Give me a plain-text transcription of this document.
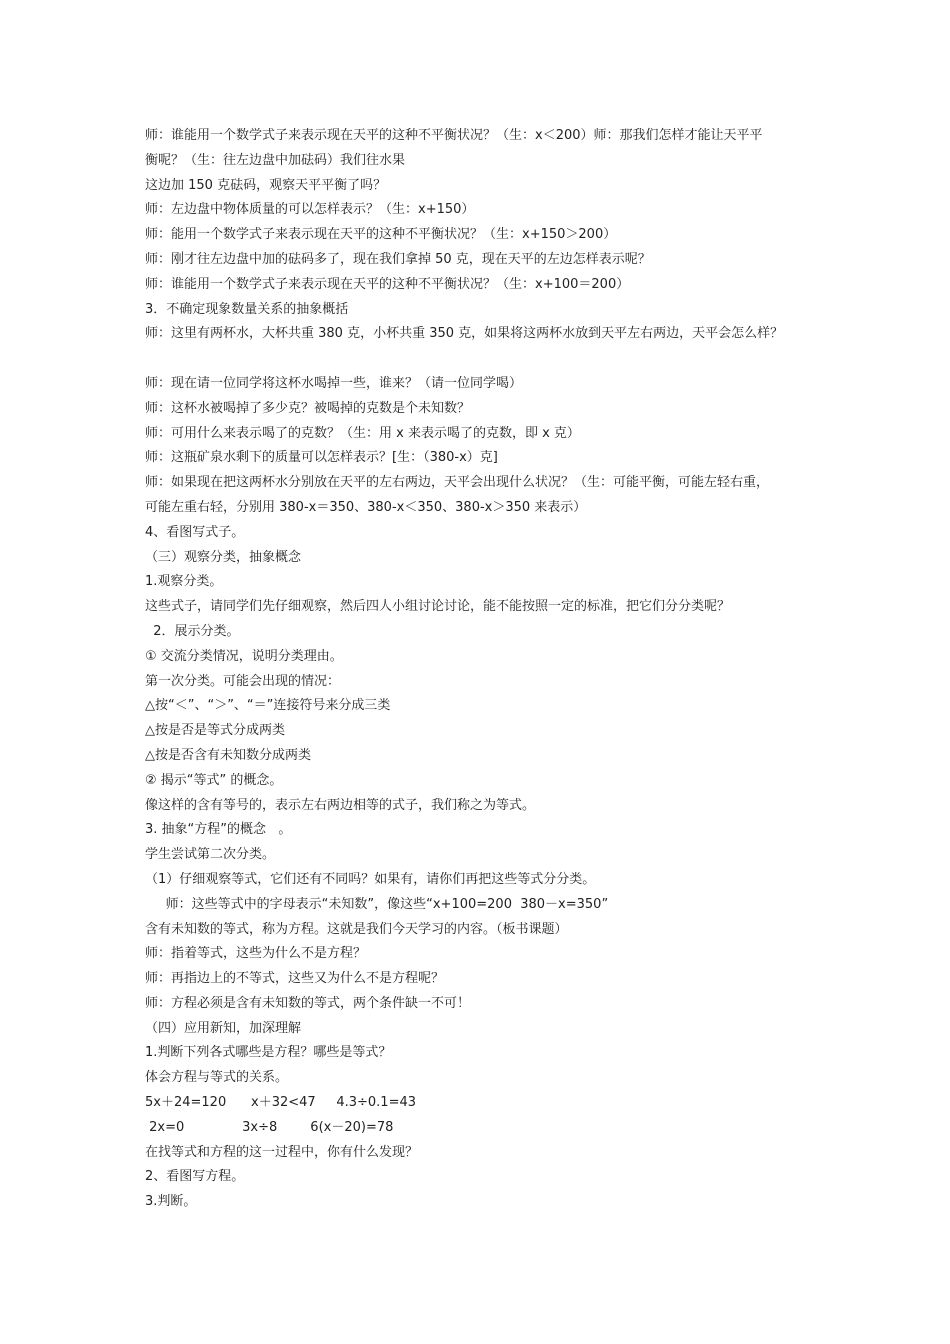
师：谁能用一个数学式子来表示现在天平的这种不平衡状况？（生：x＜200）师：那我们怎样才能让天平平
衡呢？（生：往左边盘中加砝码）我们往水果
这边加 150 克砝码，观察天平平衡了吗？
师：左边盘中物体质量的可以怎样表示？（生：x+150）
师：能用一个数学式子来表示现在天平的这种不平衡状况？（生：x+150＞200）
师：刚才往左边盘中加的砝码多了，现在我们拿掉 50 克，现在天平的左边怎样表示呢？
师：谁能用一个数学式子来表示现在天平的这种不平衡状况？（生：x+100＝200）
3．不确定现象数量关系的抽象概括
师：这里有两杯水，大杯共重 380 克，小杯共重 350 克，如果将这两杯水放到天平左右两边，天平会怎么样？
师：现在请一位同学将这杯水喝掉一些，谁来？（请一位同学喝）
师：这杯水被喝掉了多少克？被喝掉的克数是个未知数？
师：可用什么来表示喝了的克数？（生：用 x 来表示喝了的克数，即 x 克）
师：这瓶矿泉水剩下的质量可以怎样表示？[生：（380-x）克]
师：如果现在把这两杯水分别放在天平的左右两边，天平会出现什么状况？（生：可能平衡，可能左轻右重，
可能左重右轻，分别用 380-x＝350、380-x＜350、380-x＞350 来表示）
4、看图写式子。
（三）观察分类，抽象概念
1.观察分类。
这些式子，请同学们先仔细观察，然后四人小组讨论讨论，能不能按照一定的标准，把它们分分类呢？
2．展示分类。
① 交流分类情况，说明分类理由。
第一次分类。可能会出现的情况：
△按“＜”、“＞”、“＝”连接符号来分成三类
△按是否是等式分成两类
△按是否含有未知数分成两类
② 揭示“等式” 的概念。
像这样的含有等号的，表示左右两边相等的式子，我们称之为等式。
3. 抽象“方程”的概念   。
学生尝试第二次分类。
（1）仔细观察等式，它们还有不同吗？如果有，请你们再把这些等式分分类。
师：这些等式中的字母表示“未知数”，像这些“x+100=200  380－x=350”
含有未知数的等式，称为方程。这就是我们今天学习的内容。（板书课题）
师：指着等式，这些为什么不是方程？
师：再指边上的不等式，这些又为什么不是方程呢？
师：方程必须是含有未知数的等式，两个条件缺一不可！
（四）应用新知，加深理解
1.判断下列各式哪些是方程？哪些是等式？
体会方程与等式的关系。
5x＋24=120      x＋32<47     4.3÷0.1=43
2x=0              3x÷8        6(x－20)=78
在找等式和方程的这一过程中，你有什么发现？
2、看图写方程。
3.判断。
